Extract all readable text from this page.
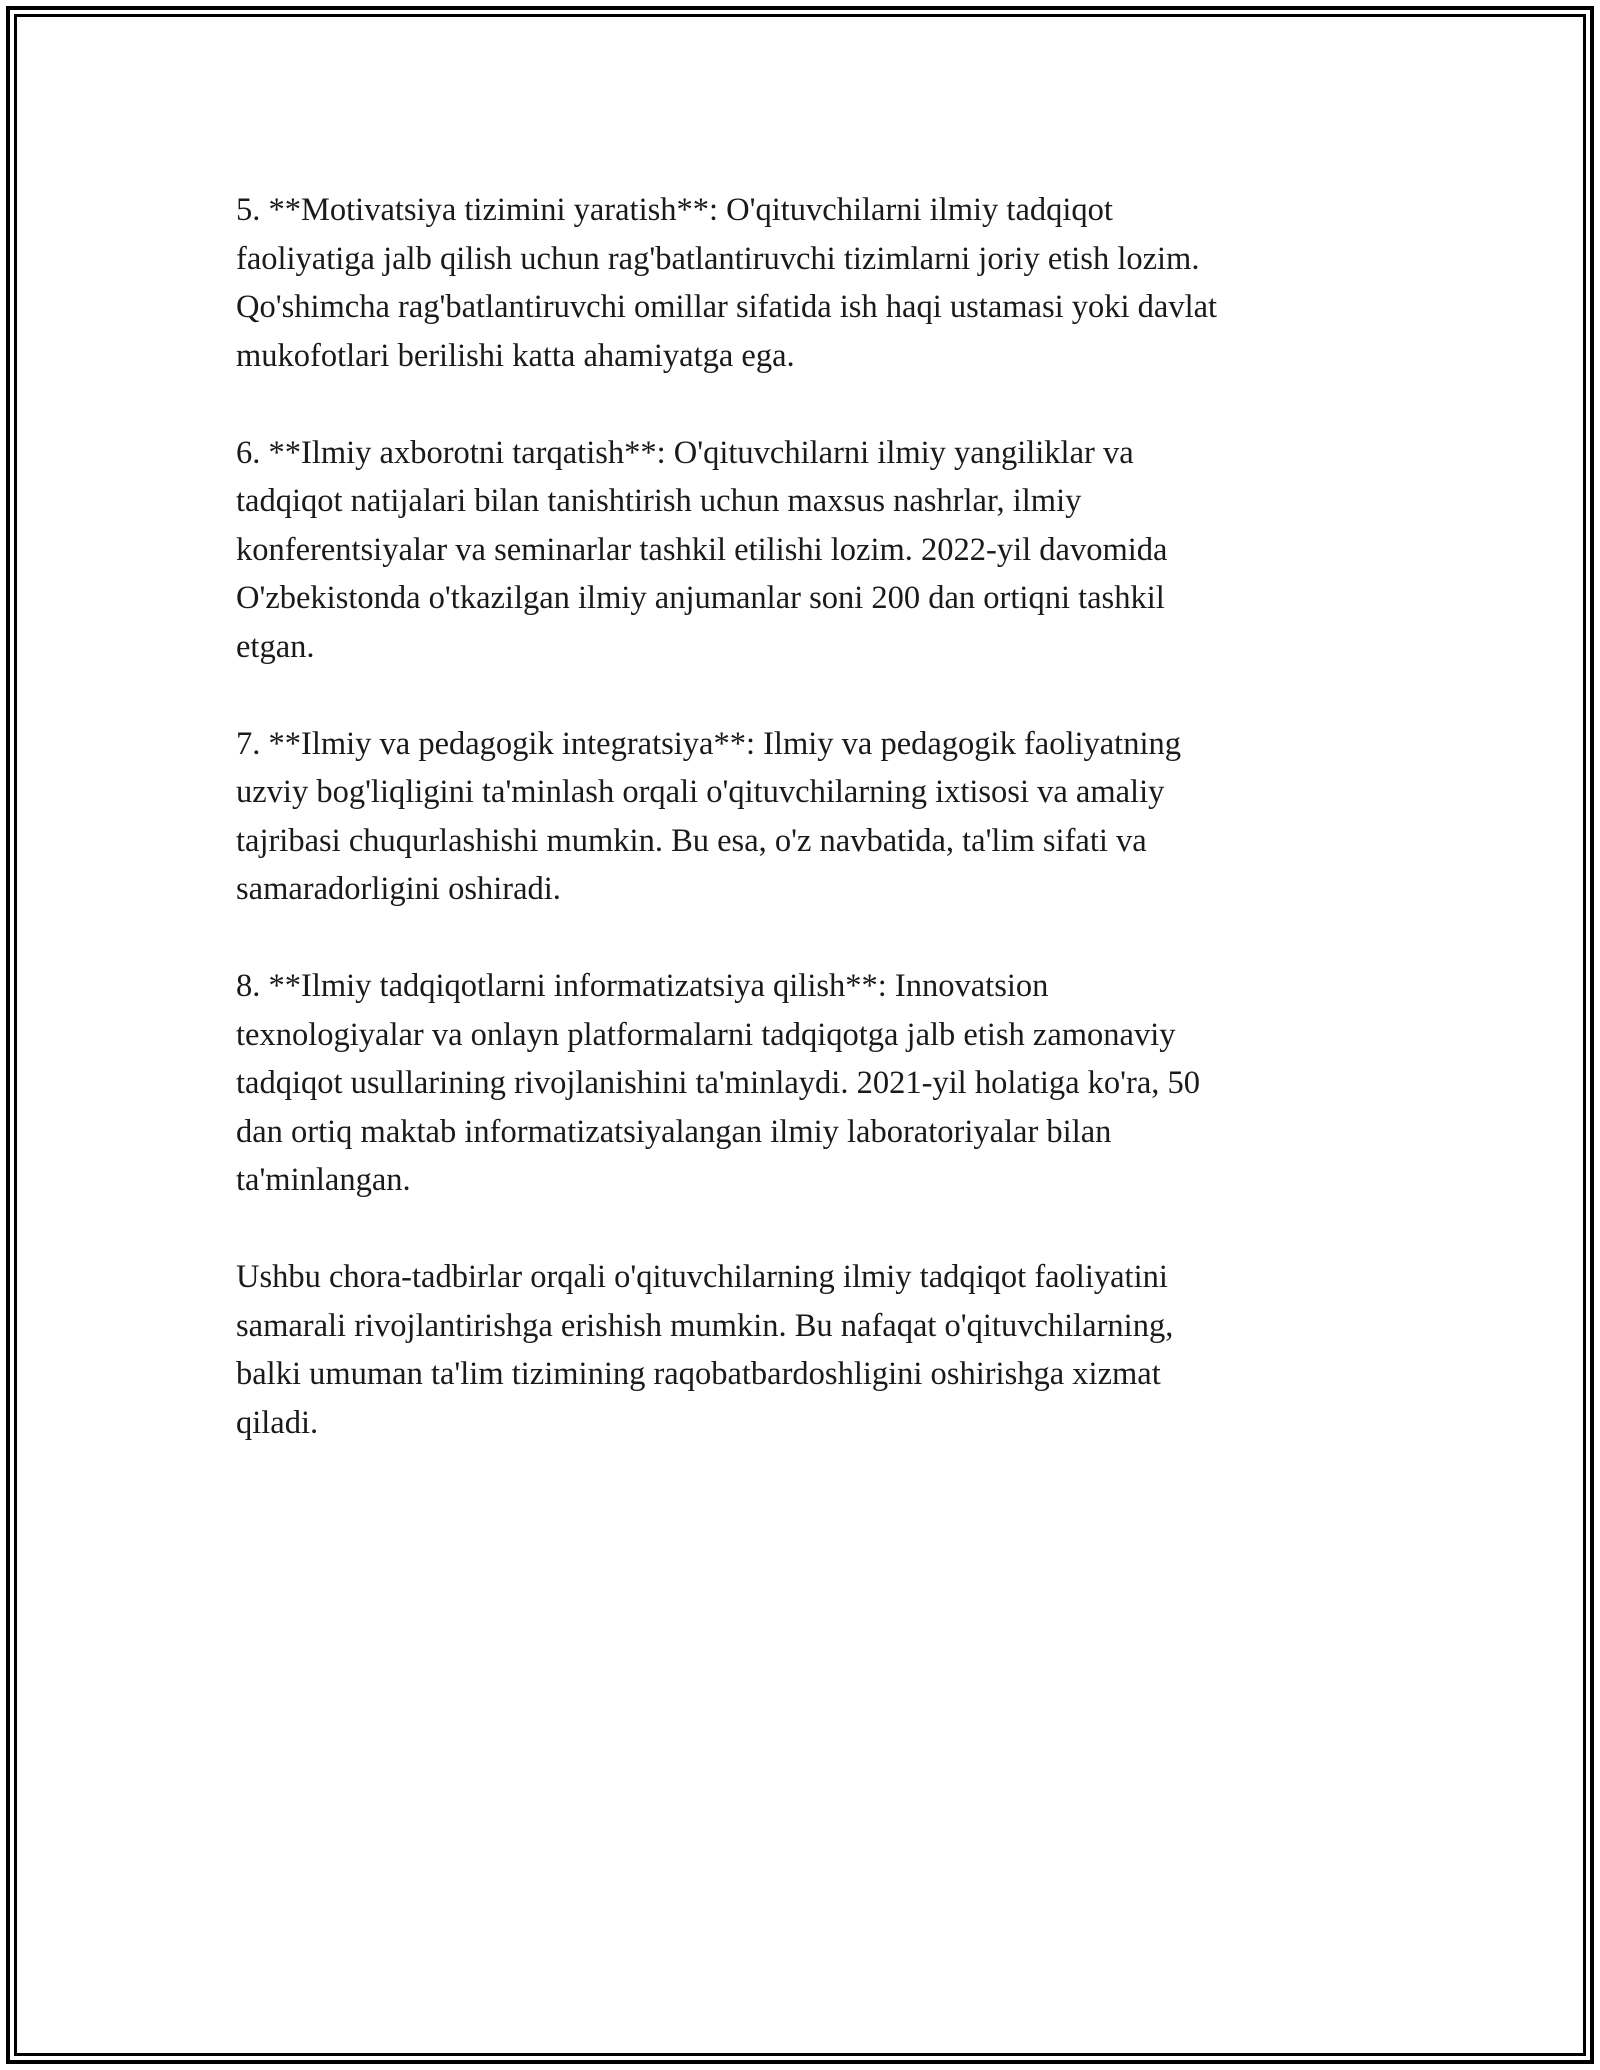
5. **Motivatsiya tizimini yaratish**: O'qituvchilarni ilmiy tadqiqot
faoliyatiga jalb qilish uchun rag'batlantiruvchi tizimlarni joriy etish lozim.
Qo'shimcha rag'batlantiruvchi omillar sifatida ish haqi ustamasi yoki davlat
mukofotlari berilishi katta ahamiyatga ega.

6. **Ilmiy axborotni tarqatish**: O'qituvchilarni ilmiy yangiliklar va
tadqiqot natijalari bilan tanishtirish uchun maxsus nashrlar, ilmiy
konferentsiyalar va seminarlar tashkil etilishi lozim. 2022-yil davomida
O'zbekistonda o'tkazilgan ilmiy anjumanlar soni 200 dan ortiqni tashkil
etgan.

7. **Ilmiy va pedagogik integratsiya**: Ilmiy va pedagogik faoliyatning
uzviy bog'liqligini ta'minlash orqali o'qituvchilarning ixtisosi va amaliy
tajribasi chuqurlashishi mumkin. Bu esa, o'z navbatida, ta'lim sifati va
samaradorligini oshiradi.

8. **Ilmiy tadqiqotlarni informatizatsiya qilish**: Innovatsion
texnologiyalar va onlayn platformalarni tadqiqotga jalb etish zamonaviy
tadqiqot usullarining rivojlanishini ta'minlaydi. 2021-yil holatiga ko'ra, 50
dan ortiq maktab informatizatsiyalangan ilmiy laboratoriyalar bilan
ta'minlangan.

Ushbu chora-tadbirlar orqali o'qituvchilarning ilmiy tadqiqot faoliyatini
samarali rivojlantirishga erishish mumkin. Bu nafaqat o'qituvchilarning,
balki umuman ta'lim tizimining raqobatbardoshligini oshirishga xizmat
qiladi.
